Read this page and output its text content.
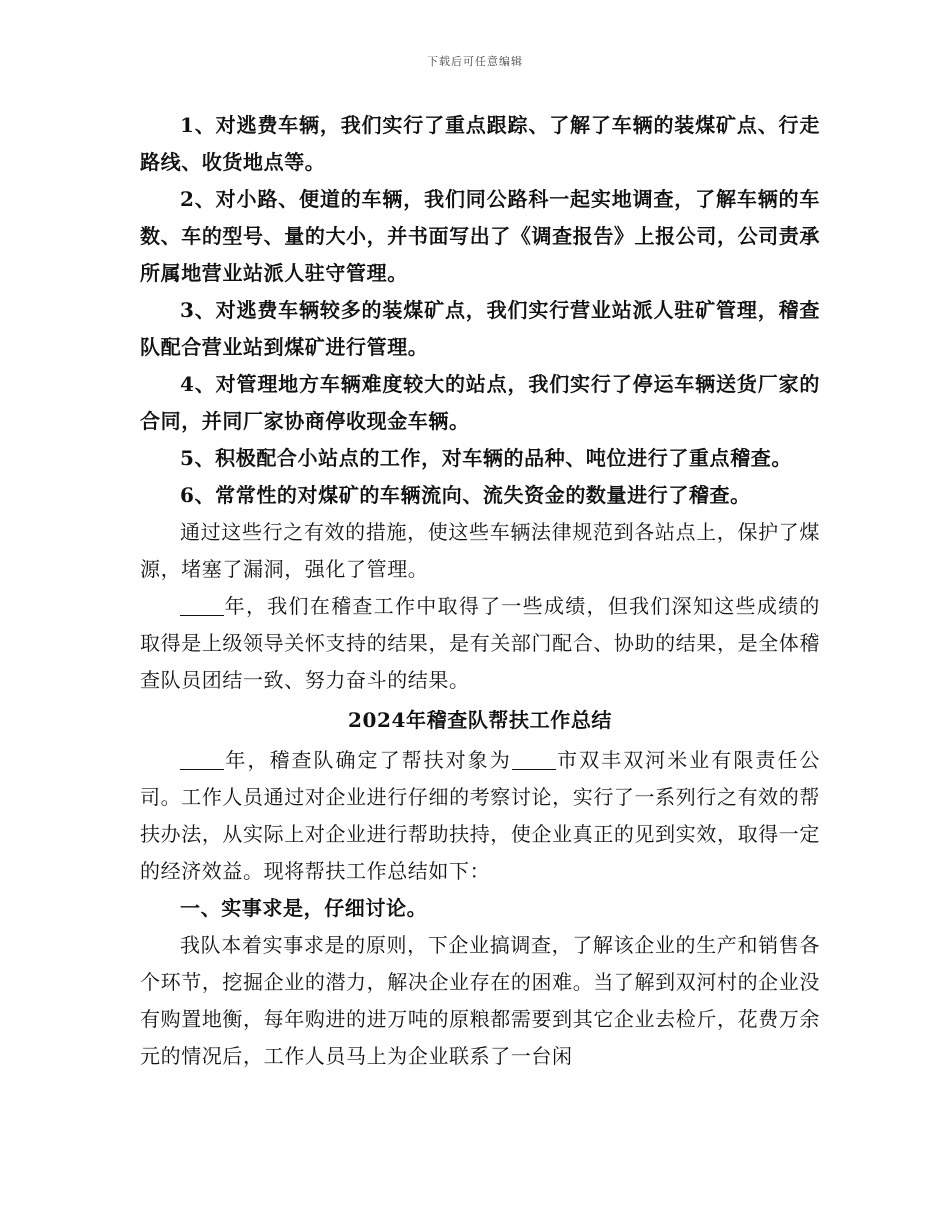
下载后可任意编辑

1、对逃费车辆，我们实行了重点跟踪、了解了车辆的装煤矿点、行走路线、收货地点等。

2、对小路、便道的车辆，我们同公路科一起实地调查，了解车辆的车数、车的型号、量的大小，并书面写出了《调查报告》上报公司，公司责承所属地营业站派人驻守管理。

3、对逃费车辆较多的装煤矿点，我们实行营业站派人驻矿管理，稽查队配合营业站到煤矿进行管理。

4、对管理地方车辆难度较大的站点，我们实行了停运车辆送货厂家的合同，并同厂家协商停收现金车辆。

5、积极配合小站点的工作，对车辆的品种、吨位进行了重点稽查。

6、常常性的对煤矿的车辆流向、流失资金的数量进行了稽查。

通过这些行之有效的措施，使这些车辆法律规范到各站点上，保护了煤源，堵塞了漏洞，强化了管理。

年，我们在稽查工作中取得了一些成绩，但我们深知这些成绩的取得是上级领导关怀支持的结果，是有关部门配合、协助的结果，是全体稽查队员团结一致、努力奋斗的结果。

2024年稽查队帮扶工作总结

年，稽查队确定了帮扶对象为 市双丰双河米业有限责任公司。工作人员通过对企业进行仔细的考察讨论，实行了一系列行之有效的帮扶办法，从实际上对企业进行帮助扶持，使企业真正的见到实效，取得一定的经济效益。现将帮扶工作总结如下：

一、实事求是，仔细讨论。

我队本着实事求是的原则，下企业搞调查，了解该企业的生产和销售各个环节，挖掘企业的潜力，解决企业存在的困难。当了解到双河村的企业没有购置地衡，每年购进的进万吨的原粮都需要到其它企业去检斤，花费万余元的情况后，工作人员马上为企业联系了一台闲
